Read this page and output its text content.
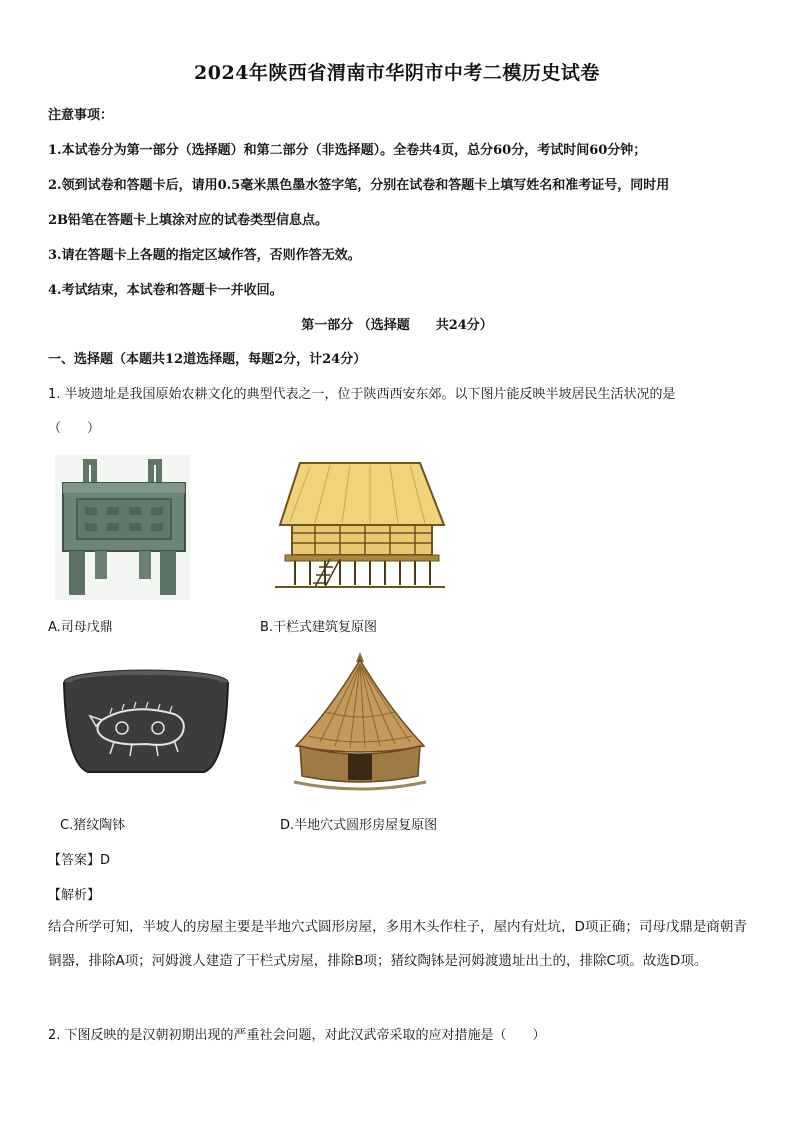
2024年陕西省渭南市华阴市中考二模历史试卷
注意事项：
1.本试卷分为第一部分（选择题）和第二部分（非选择题）。全卷共4页，总分60分，考试时间60分钟；
2.领到试卷和答题卡后，请用0.5毫米黑色墨水签字笔，分别在试卷和答题卡上填写姓名和准考证号，同时用
2B铅笔在答题卡上填涂对应的试卷类型信息点。
3.请在答题卡上各题的指定区域作答，否则作答无效。
4.考试结束，本试卷和答题卡一并收回。
第一部分 （选择题　　共24分）
一、选择题（本题共12道选择题，每题2分，计24分）
1. 半坡遗址是我国原始农耕文化的典型代表之一，位于陕西西安东郊。以下图片能反映半坡居民生活状况的是
（　　）
A.司母戊鼎	B.干栏式建筑复原图
C.猪纹陶钵	D.半地穴式圆形房屋复原图
【答案】D
【解析】
结合所学可知，半坡人的房屋主要是半地穴式圆形房屋，多用木头作柱子，屋内有灶坑，D项正确；司母戊鼎是商朝青铜器，排除A项；河姆渡人建造了干栏式房屋，排除B项；猪纹陶钵是河姆渡遗址出土的，排除C项。故选D项。
2. 下图反映的是汉朝初期出现的严重社会问题，对此汉武帝采取的应对措施是（　　）
